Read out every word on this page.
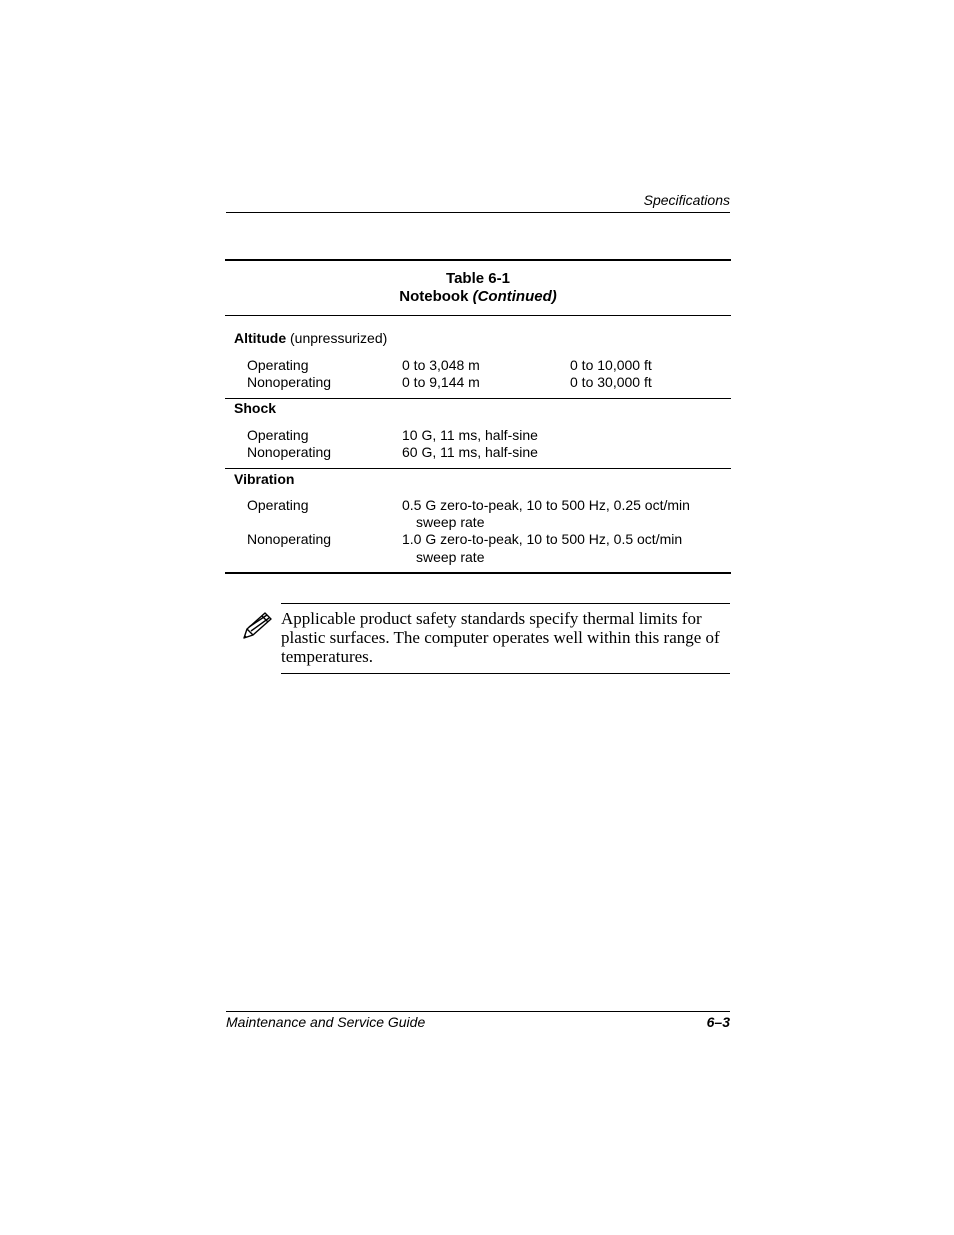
Specifications
Table 6-1
Notebook (Continued)
Altitude (unpressurized)
Operating	0 to 3,048 m	0 to 10,000 ft
Nonoperating	0 to 9,144 m	0 to 30,000 ft
Shock
Operating	10 G, 11 ms, half-sine
Nonoperating	60 G, 11 ms, half-sine
Vibration
Operating	0.5 G zero-to-peak, 10 to 500 Hz, 0.25 oct/min
sweep rate
Nonoperating	1.0 G zero-to-peak, 10 to 500 Hz, 0.5 oct/min
sweep rate
Applicable product safety standards specify thermal limits for plastic surfaces. The computer operates well within this range of temperatures.
Maintenance and Service Guide	6–3
